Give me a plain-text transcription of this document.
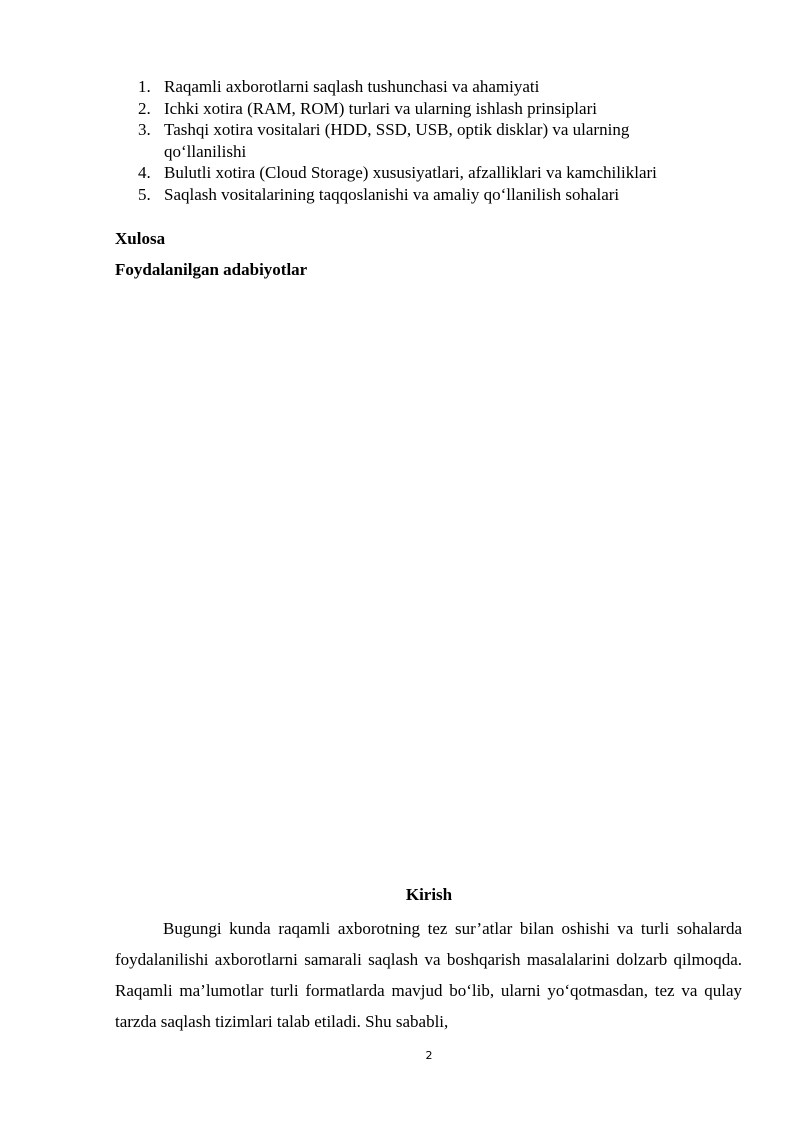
1. Raqamli axborotlarni saqlash tushunchasi va ahamiyati
2. Ichki xotira (RAM, ROM) turlari va ularning ishlash prinsiplari
3. Tashqi xotira vositalari (HDD, SSD, USB, optik disklar) va ularning qo‘llanilishi
4. Bulutli xotira (Cloud Storage) xususiyatlari, afzalliklari va kamchiliklari
5. Saqlash vositalarining taqqoslanishi va amaliy qo‘llanilish sohalari
Xulosa
Foydalanilgan adabiyotlar
Kirish

Bugungi kunda raqamli axborotning tez sur’atlar bilan oshishi va turli sohalarda foydalanilishi axborotlarni samarali saqlash va boshqarish masalalarini dolzarb qilmoqda. Raqamli ma’lumotlar turli formatlarda mavjud bo‘lib, ularni yo‘qotmasdan, tez va qulay tarzda saqlash tizimlari talab etiladi. Shu sababli,

2
